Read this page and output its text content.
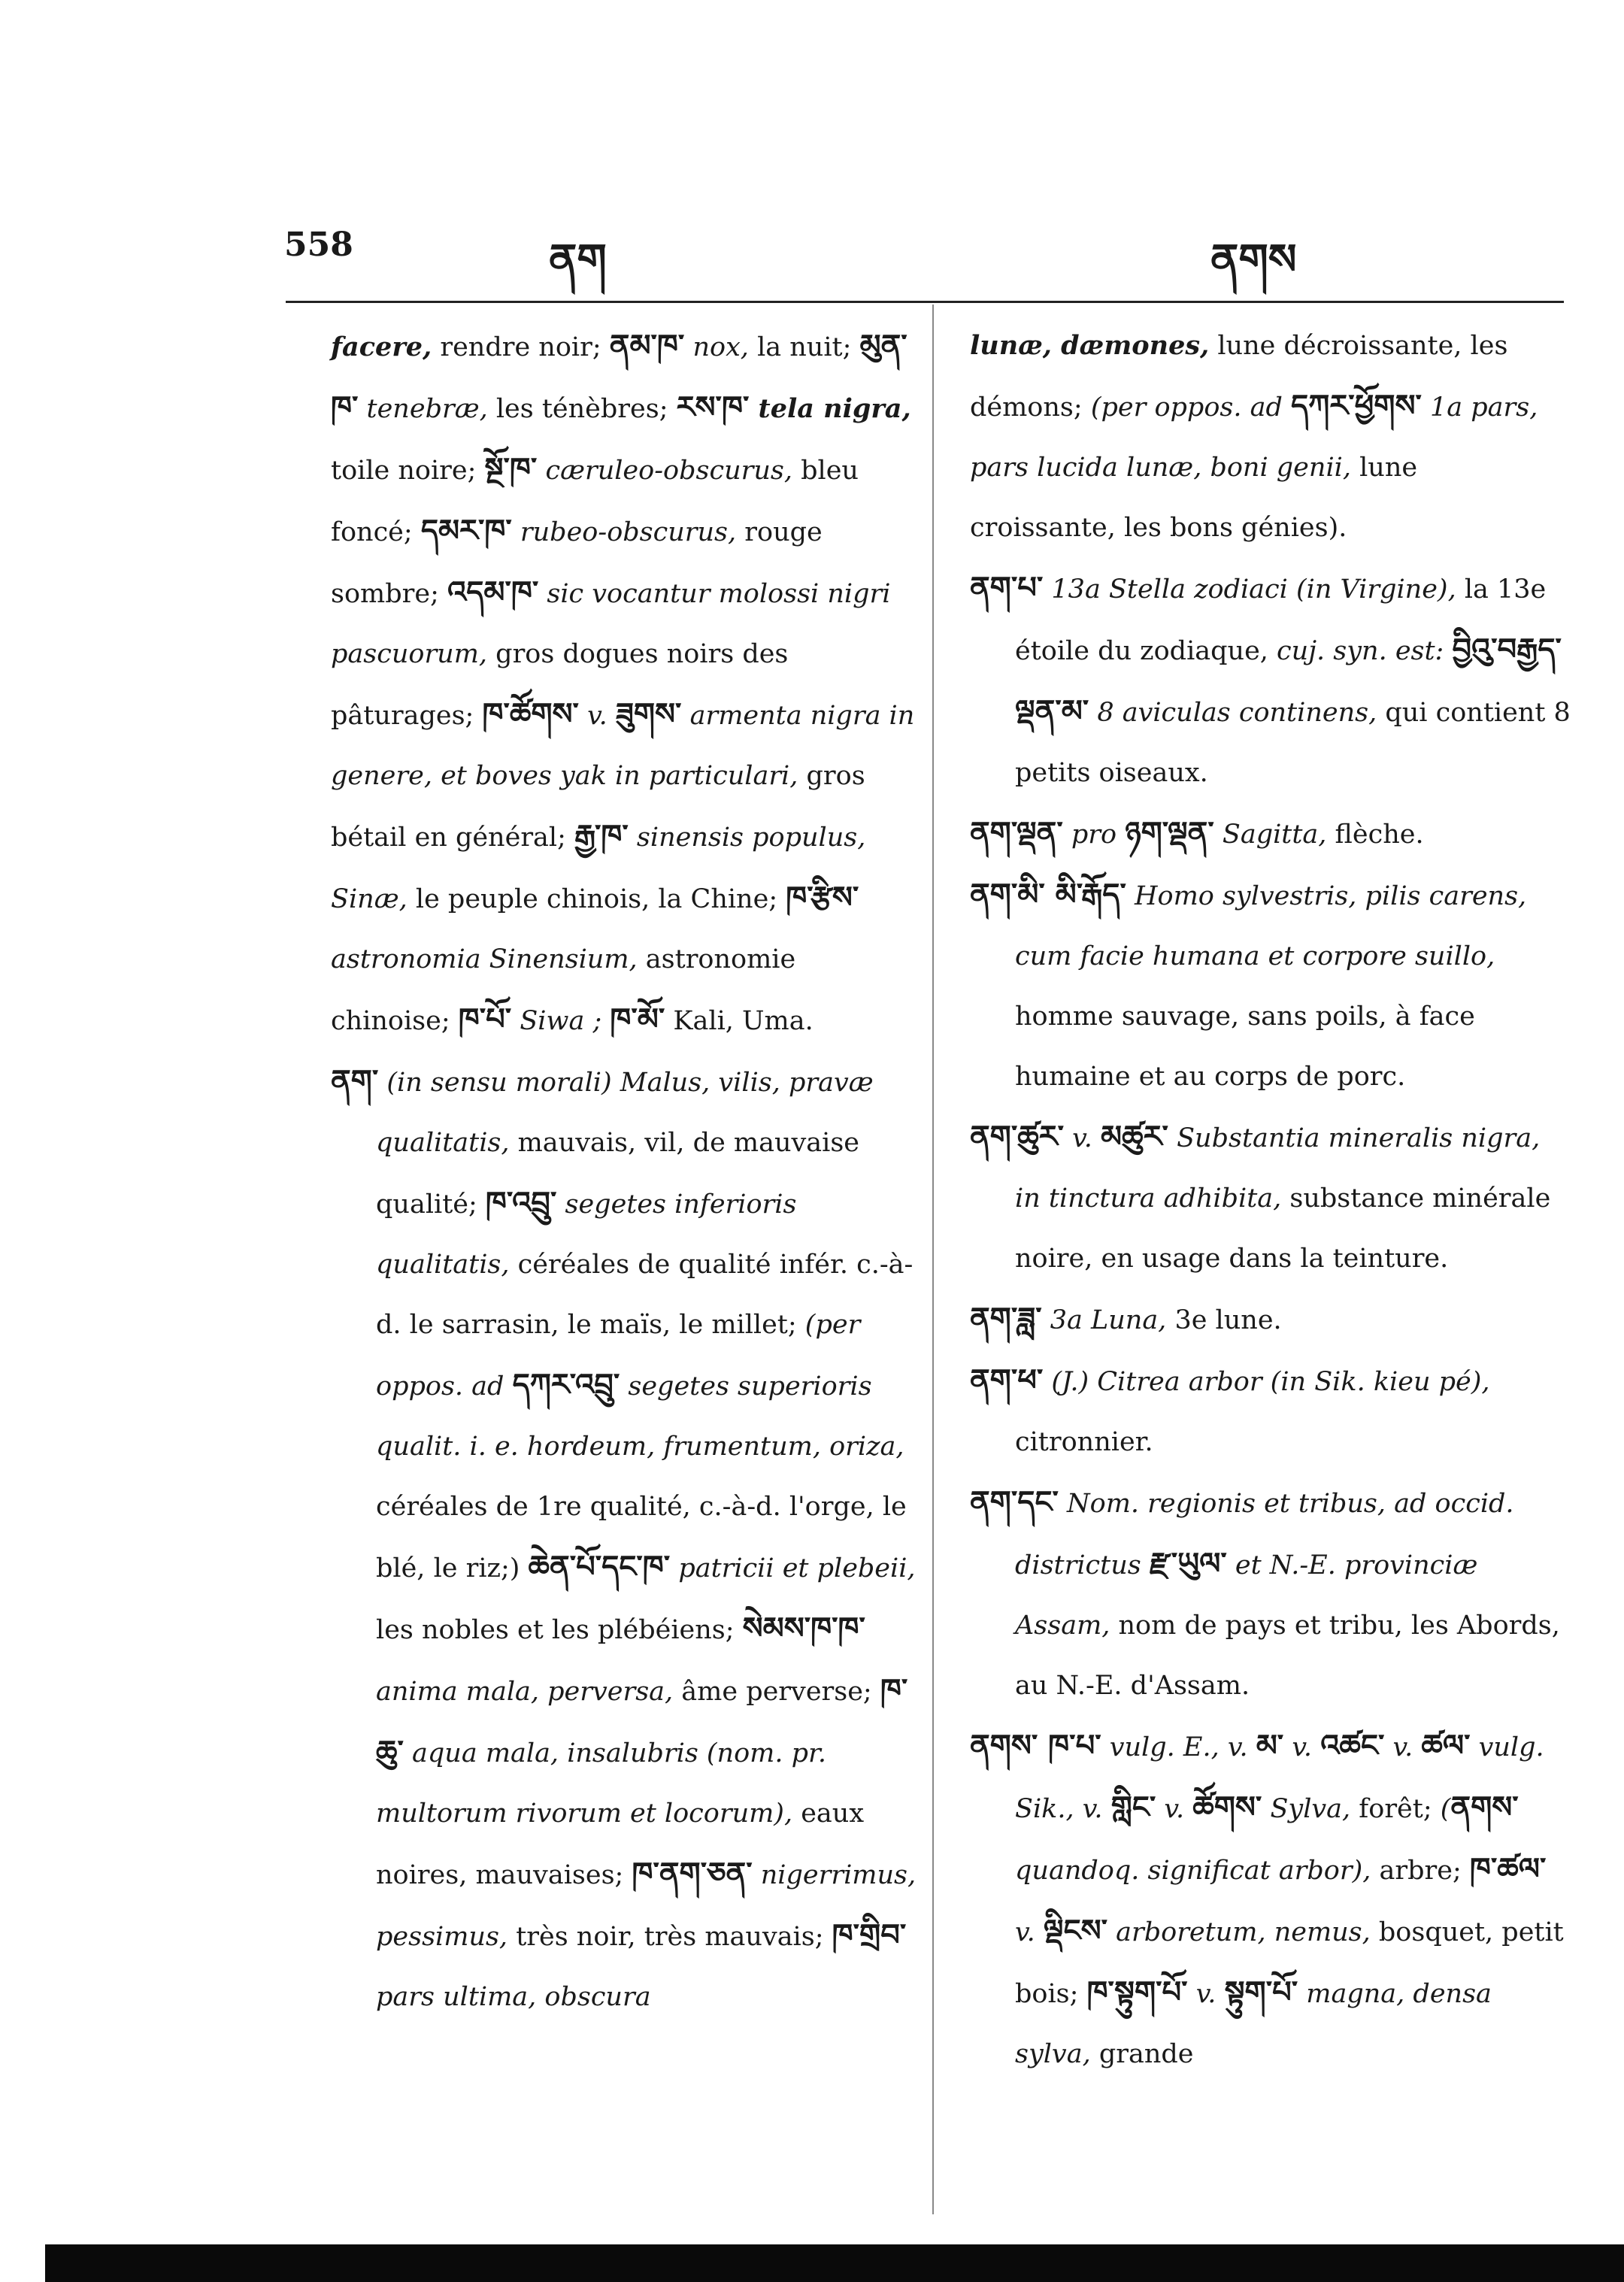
558	ནག	ནགས

facere, rendre noir; ནམ་ཁ་ nox, la nuit; མུན་ཁ་ tenebræ, les ténèbres; རས་ཁ་ tela nigra, toile noire; སྔོ་ཁ་ cæruleo-obscurus, bleu foncé; དམར་ཁ་ rubeo-obscurus, rouge sombre; འདམ་ཁ་ sic vocantur molossi nigri pascuorum, gros dogues noirs des pâturages; ཁ་ཚོགས་ v. ཟུགས་ armenta nigra in genere, et boves yak in particulari, gros bétail en général; རྒྱ་ཁ་ sinensis populus, Sinæ, le peuple chinois, la Chine; ཁ་རྩིས་ astronomia Sinensium, astronomie chinoise; ཁ་པོ་ Siwa ; ཁ་མོ་ Kali, Uma.

ནག་ (in sensu morali) Malus, vilis, pravæ qualitatis, mauvais, vil, de mauvaise qualité; ཁ་འབྲུ་ segetes inferioris qualitatis, céréales de qualité infér. c.-à-d. le sarrasin, le maïs, le millet; (per oppos. ad དཀར་འབྲུ་ segetes superioris qualit. i. e. hordeum, frumentum, oriza, céréales de 1re qualité, c.-à-d. l'orge, le blé, le riz;) ཆེན་པོ་དང་ཁ་ patricii et plebeii, les nobles et les plébéiens; སེམས་ཁ་ཁ་ anima mala, perversa, âme perverse; ཁ་ཆུ་ aqua mala, insalubris (nom. pr. multorum rivorum et locorum), eaux noires, mauvaises; ཁ་ནག་ཅན་ nigerrimus, pessimus, très noir, très mauvais; ཁ་གྲིབ་ pars ultima, obscura

lunæ, dæmones, lune décroissante, les démons; (per oppos. ad དཀར་ཕྱོགས་ 1a pars, pars lucida lunæ, boni genii, lune croissante, les bons génies).

ནག་པ་ 13a Stella zodiaci (in Virgine), la 13e étoile du zodiaque, cuj. syn. est: བྱིའུ་བརྒྱད་ལྡན་མ་ 8 aviculas continens, qui contient 8 petits oiseaux.

ནག་ལྡན་ pro ཉག་ལྡན་ Sagitta, flèche.

ནག་མི་ མི་རྒོད་ Homo sylvestris, pilis carens, cum facie humana et corpore suillo, homme sauvage, sans poils, à face humaine et au corps de porc.

ནག་ཚུར་ v. མཚུར་ Substantia mineralis nigra, in tinctura adhibita, substance minérale noire, en usage dans la teinture.

ནག་ཟླ་ 3a Luna, 3e lune.

ནག་ཕ་ (J.) Citrea arbor (in Sik. kieu pé), citronnier.

ནག་དང་ Nom. regionis et tribus, ad occid. districtus རྫ་ཡུལ་ et N.-E. provinciæ Assam, nom de pays et tribu, les Abords, au N.-E. d'Assam.

ནགས་ ཁ་པ་ vulg. E., v. མ་ v. འཚང་ v. ཚལ་ vulg. Sik., v. གླིང་ v. ཚོགས་ Sylva, forêt; (ནགས་ quandoq. significat arbor), arbre; ཁ་ཚལ་ v. ལྡིངས་ arboretum, nemus, bosquet, petit bois; ཁ་སྟུག་པོ་ v. སྟུག་པོ་ magna, densa sylva, grande
